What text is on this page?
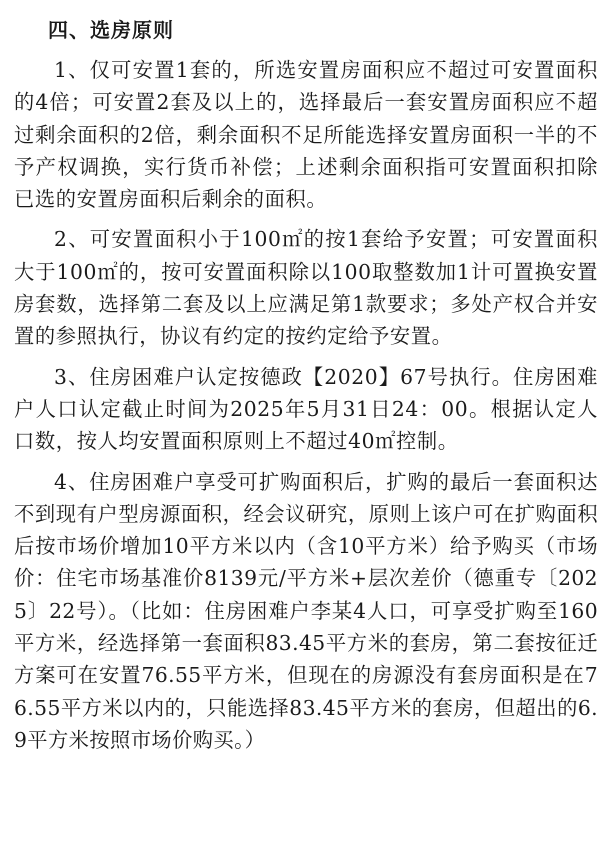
四、选房原则

1、仅可安置1套的，所选安置房面积应不超过可安置面积的4倍；可安置2套及以上的，选择最后一套安置房面积应不超过剩余面积的2倍，剩余面积不足所能选择安置房面积一半的不予产权调换，实行货币补偿；上述剩余面积指可安置面积扣除已选的安置房面积后剩余的面积。

2、可安置面积小于100㎡的按1套给予安置；可安置面积大于100㎡的，按可安置面积除以100取整数加1计可置换安置房套数，选择第二套及以上应满足第1款要求；多处产权合并安置的参照执行，协议有约定的按约定给予安置。

3、住房困难户认定按德政【2020】67号执行。住房困难户人口认定截止时间为2025年5月31日24：00。根据认定人口数，按人均安置面积原则上不超过40㎡控制。

4、住房困难户享受可扩购面积后，扩购的最后一套面积达不到现有户型房源面积，经会议研究，原则上该户可在扩购面积后按市场价增加10平方米以内（含10平方米）给予购买（市场价：住宅市场基准价8139元/平方米+层次差价（德重专〔2025〕22号）。（比如：住房困难户李某4人口，可享受扩购至160平方米，经选择第一套面积83.45平方米的套房，第二套按征迁方案可在安置76.55平方米，但现在的房源没有套房面积是在76.55平方米以内的，只能选择83.45平方米的套房，但超出的6.9平方米按照市场价购买。）
